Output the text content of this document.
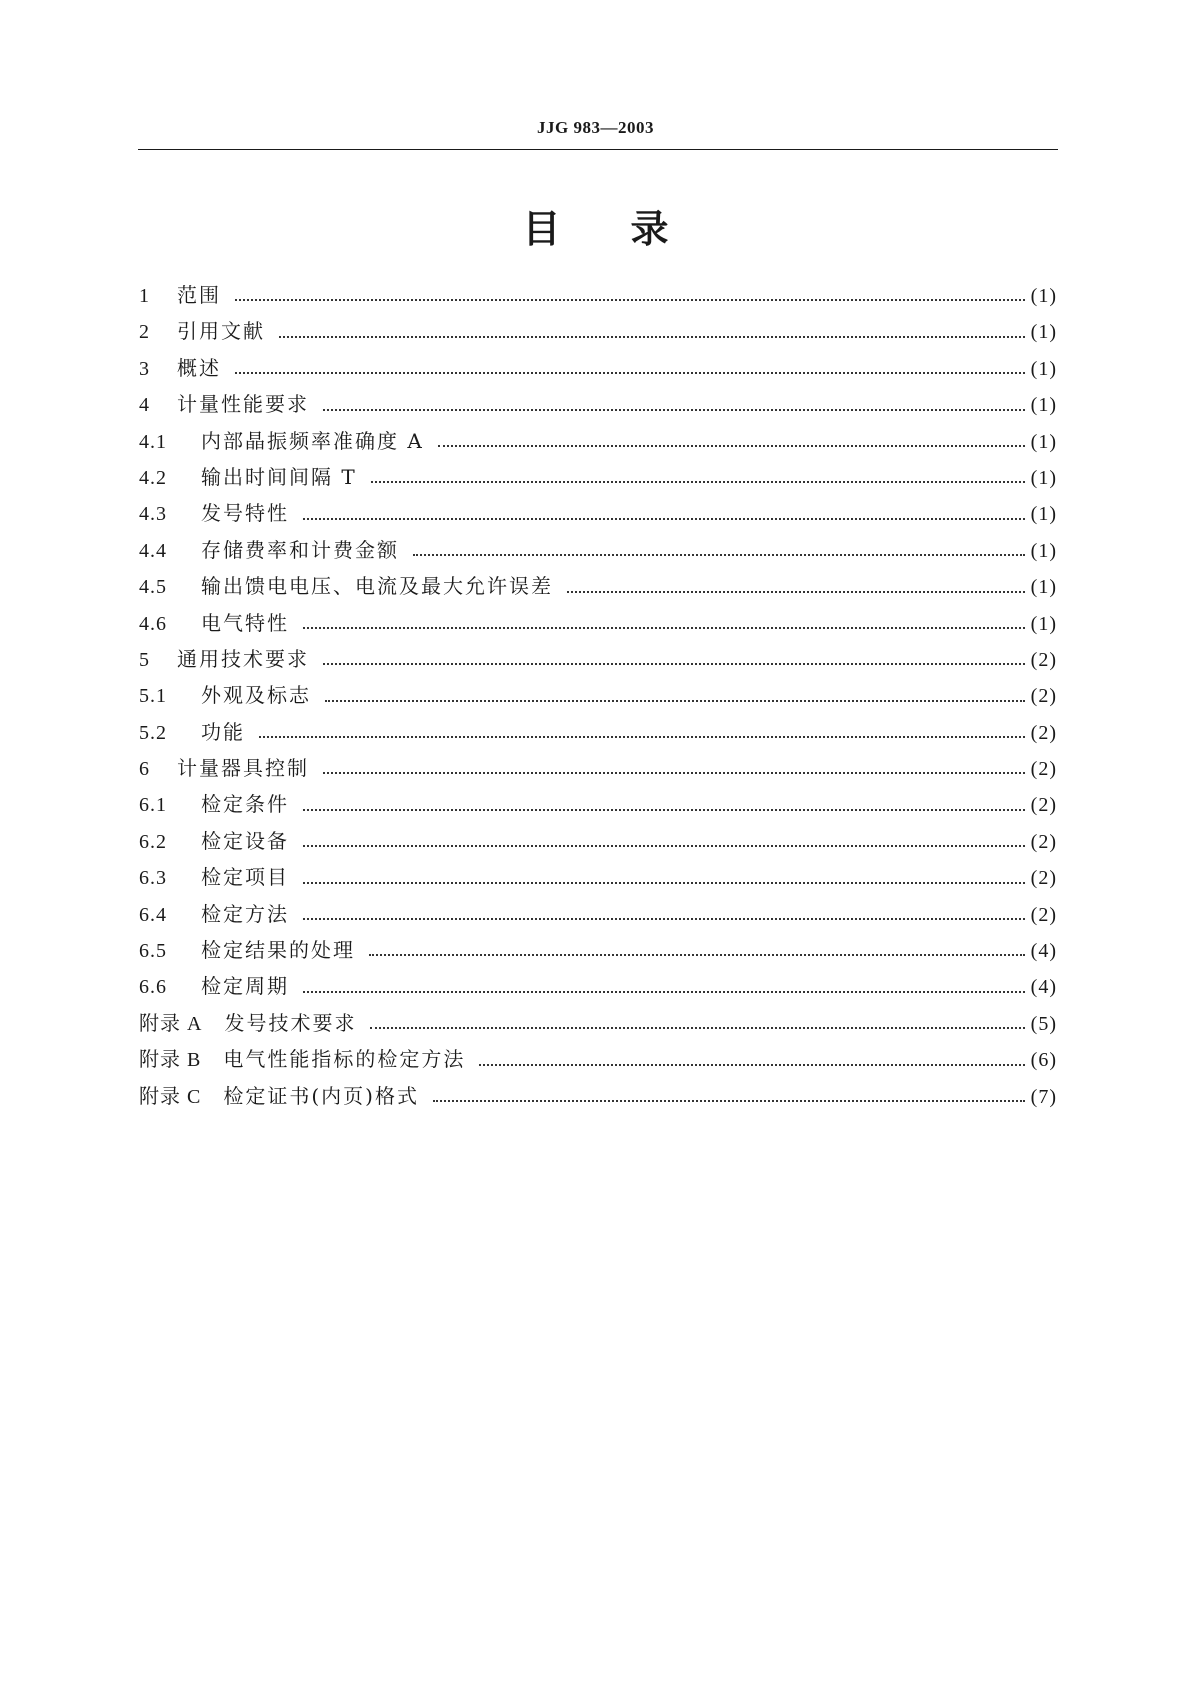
JJG 983—2003
目 录
1	范围	(1)
2	引用文献	(1)
3	概述	(1)
4	计量性能要求	(1)
4.1	内部晶振频率准确度 A	(1)
4.2	输出时间间隔 T	(1)
4.3	发号特性	(1)
4.4	存储费率和计费金额	(1)
4.5	输出馈电电压、电流及最大允许误差	(1)
4.6	电气特性	(1)
5	通用技术要求	(2)
5.1	外观及标志	(2)
5.2	功能	(2)
6	计量器具控制	(2)
6.1	检定条件	(2)
6.2	检定设备	(2)
6.3	检定项目	(2)
6.4	检定方法	(2)
6.5	检定结果的处理	(4)
6.6	检定周期	(4)
附录 A 发号技术要求	(5)
附录 B 电气性能指标的检定方法	(6)
附录 C 检定证书(内页)格式	(7)
